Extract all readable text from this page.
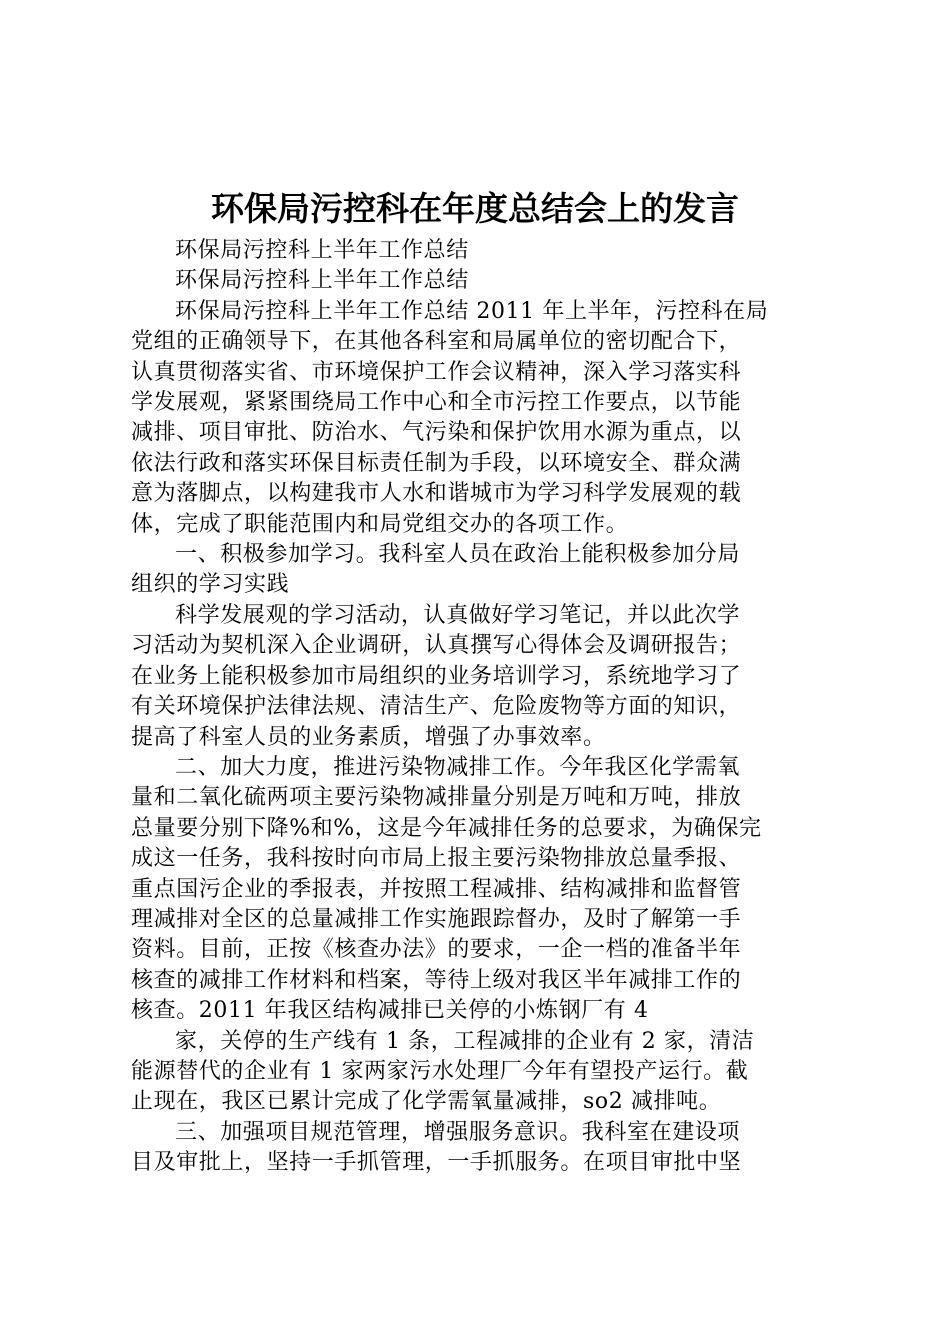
环保局污控科在年度总结会上的发言

环保局污控科上半年工作总结

环保局污控科上半年工作总结

环保局污控科上半年工作总结 2011 年上半年，污控科在局
党组的正确领导下，在其他各科室和局属单位的密切配合下，
认真贯彻落实省、市环境保护工作会议精神，深入学习落实科
学发展观，紧紧围绕局工作中心和全市污控工作要点，以节能
减排、项目审批、防治水、气污染和保护饮用水源为重点，以
依法行政和落实环保目标责任制为手段，以环境安全、群众满
意为落脚点，以构建我市人水和谐城市为学习科学发展观的载
体，完成了职能范围内和局党组交办的各项工作。

一、积极参加学习。我科室人员在政治上能积极参加分局
组织的学习实践

科学发展观的学习活动，认真做好学习笔记，并以此次学
习活动为契机深入企业调研，认真撰写心得体会及调研报告；
在业务上能积极参加市局组织的业务培训学习，系统地学习了
有关环境保护法律法规、清洁生产、危险废物等方面的知识，
提高了科室人员的业务素质，增强了办事效率。

二、加大力度，推进污染物减排工作。今年我区化学需氧
量和二氧化硫两项主要污染物减排量分别是万吨和万吨，排放
总量要分别下降%和%，这是今年减排任务的总要求，为确保完
成这一任务，我科按时向市局上报主要污染物排放总量季报、
重点国污企业的季报表，并按照工程减排、结构减排和监督管
理减排对全区的总量减排工作实施跟踪督办，及时了解第一手
资料。目前，正按《核查办法》的要求，一企一档的准备半年
核查的减排工作材料和档案，等待上级对我区半年减排工作的
核查。2011 年我区结构减排已关停的小炼钢厂有 4

家，关停的生产线有 1 条，工程减排的企业有 2 家，清洁
能源替代的企业有 1 家两家污水处理厂今年有望投产运行。截
止现在，我区已累计完成了化学需氧量减排，so2 减排吨。

三、加强项目规范管理，增强服务意识。我科室在建设项
目及审批上，坚持一手抓管理，一手抓服务。在项目审批中坚
